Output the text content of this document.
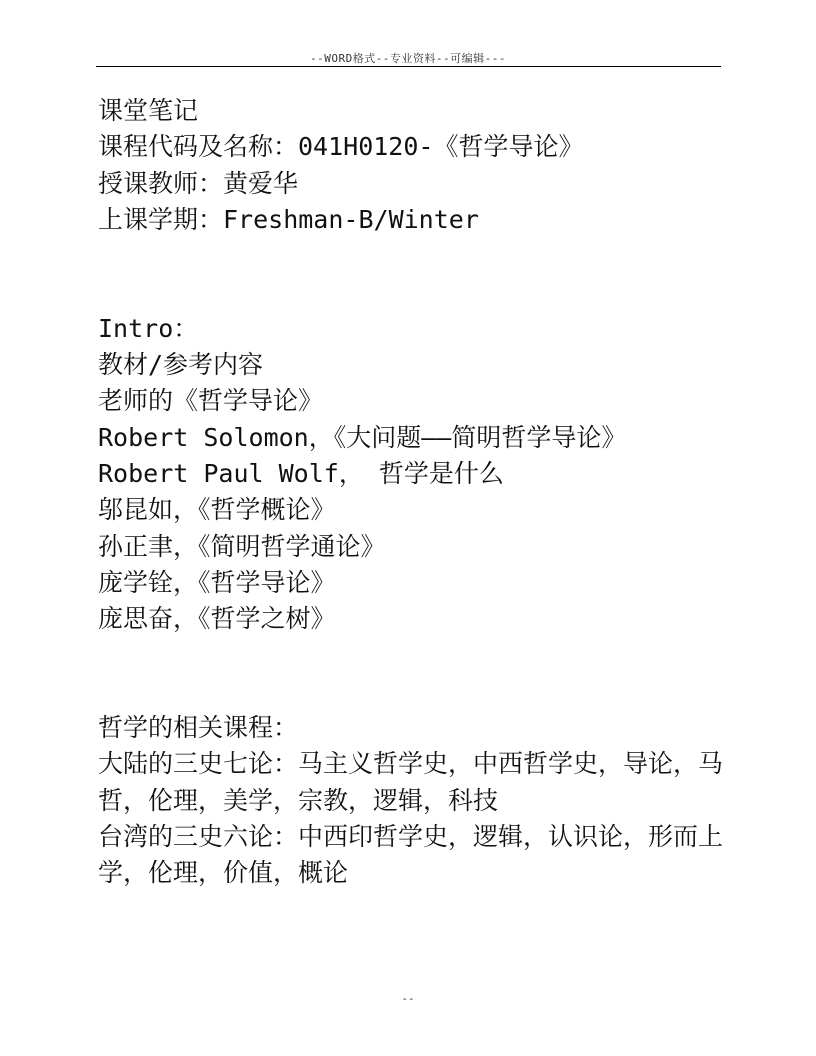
--WORD格式--专业资料--可编辑---

课堂笔记

课程代码及名称：041H0120-《哲学导论》

授课教师：黄爱华

上课学期：Freshman-B/Winter

Intro：

教材/参考内容

老师的《哲学导论》

Robert Solomon，《大问题——简明哲学导论》

Robert Paul Wolf， 哲学是什么

邬昆如，《哲学概论》

孙正聿，《简明哲学通论》

庞学铨，《哲学导论》

庞思奋，《哲学之树》

哲学的相关课程：

大陆的三史七论：马主义哲学史，中西哲学史，导论，马哲，伦理，美学，宗教，逻辑，科技

台湾的三史六论：中西印哲学史，逻辑，认识论，形而上学，伦理，价值，概论

--
